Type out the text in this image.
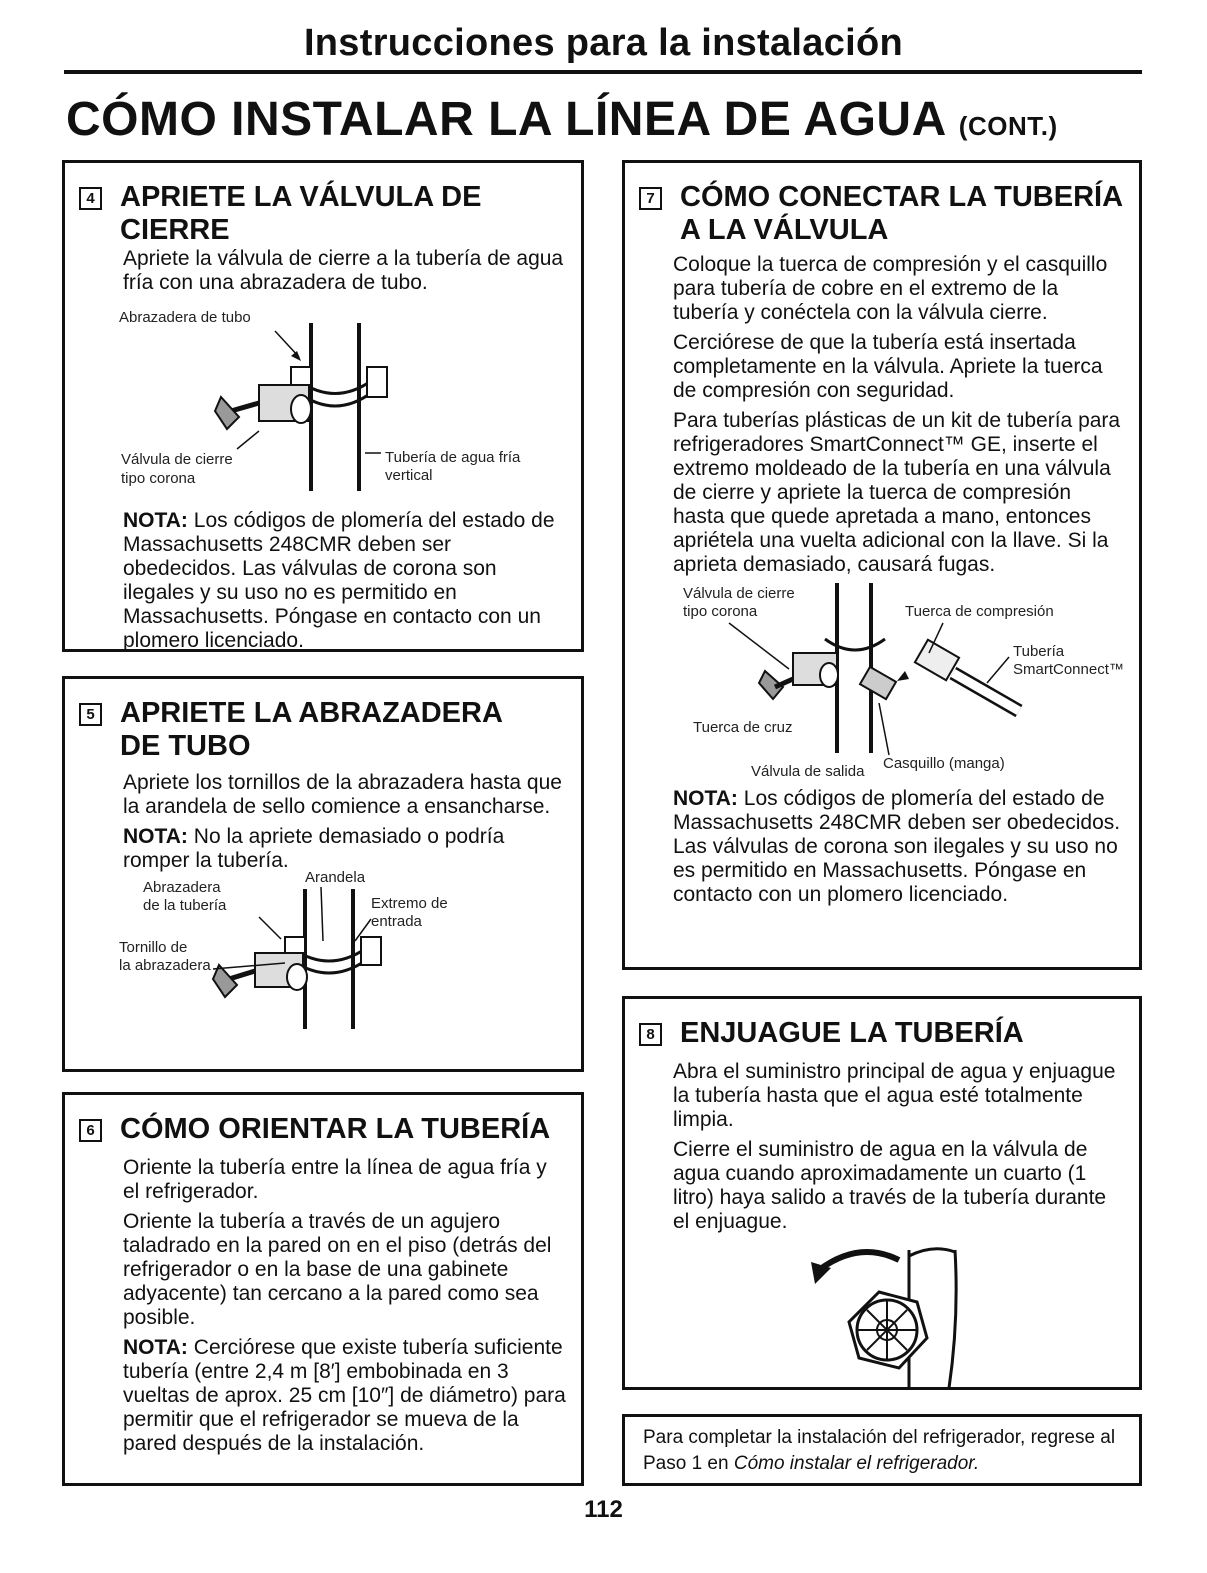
Instrucciones para la instalación
CÓMO INSTALAR LA LÍNEA DE AGUA (CONT.)
4 APRIETE LA VÁLVULA DE CIERRE

Apriete la válvula de cierre a la tubería de agua fría con una abrazadera de tubo.

Abrazadera de tubo
Válvula de cierre
tipo corona
Tubería de agua fría
vertical

NOTA: Los códigos de plomería del estado de Massachusetts 248CMR deben ser obedecidos. Las válvulas de corona son ilegales y su uso no es permitido en Massachusetts. Póngase en contacto con un plomero licenciado.

5 APRIETE LA ABRAZADERA DE TUBO

Apriete los tornillos de la abrazadera hasta que la arandela de sello comience a ensancharse.

NOTA: No la apriete demasiado o podría romper la tubería.

Abrazadera
de la tubería
Arandela
Extremo de
entrada
Tornillo de
la abrazadera
6 CÓMO ORIENTAR LA TUBERÍA

Oriente la tubería entre la línea de agua fría y el refrigerador.

Oriente la tubería a través de un agujero taladrado en la pared on en el piso (detrás del refrigerador o en la base de una gabinete adyacente) tan cercano a la pared como sea posible.

NOTA: Cerciórese que existe tubería suficiente tubería (entre 2,4 m [8′] embobinada en 3 vueltas de aprox. 25 cm [10″] de diámetro) para permitir que el refrigerador se mueva de la pared después de la instalación.

7 CÓMO CONECTAR LA TUBERÍA
A LA VÁLVULA

Coloque la tuerca de compresión y el casquillo para tubería de cobre en el extremo de la tubería y conéctela con la válvula cierre.

Cerciórese de que la tubería está insertada completamente en la válvula. Apriete la tuerca de compresión con seguridad.

Para tuberías plásticas de un kit de tubería para refrigeradores SmartConnect™ GE, inserte el extremo moldeado de la tubería en una válvula de cierre y apriete la tuerca de compresión hasta que quede apretada a mano, entonces apriételа una vuelta adicional con la llave. Si la aprieta demasiado, causará fugas.

Válvula de cierre
tipo corona	Tuerca de compresión
Tubería
SmartConnect™
Tuerca de cruz
Válvula de salida Casquillo (manga)

NOTA: Los códigos de plomería del estado de Massachusetts 248CMR deben ser obedecidos. Las válvulas de corona son ilegales y su uso no es permitido en Massachusetts. Póngase en contacto con un plomero licenciado.

8 ENJUAGUE LA TUBERÍA

Abra el suministro principal de agua y enjuague la tubería hasta que el agua esté totalmente limpia.

Cierre el suministro de agua en la válvula de agua cuando aproximadamente un cuarto (1 litro) haya salido a través de la tubería durante el enjuague.

Para completar la instalación del refrigerador, regrese al Paso 1 en Cómo instalar el refrigerador.
112
